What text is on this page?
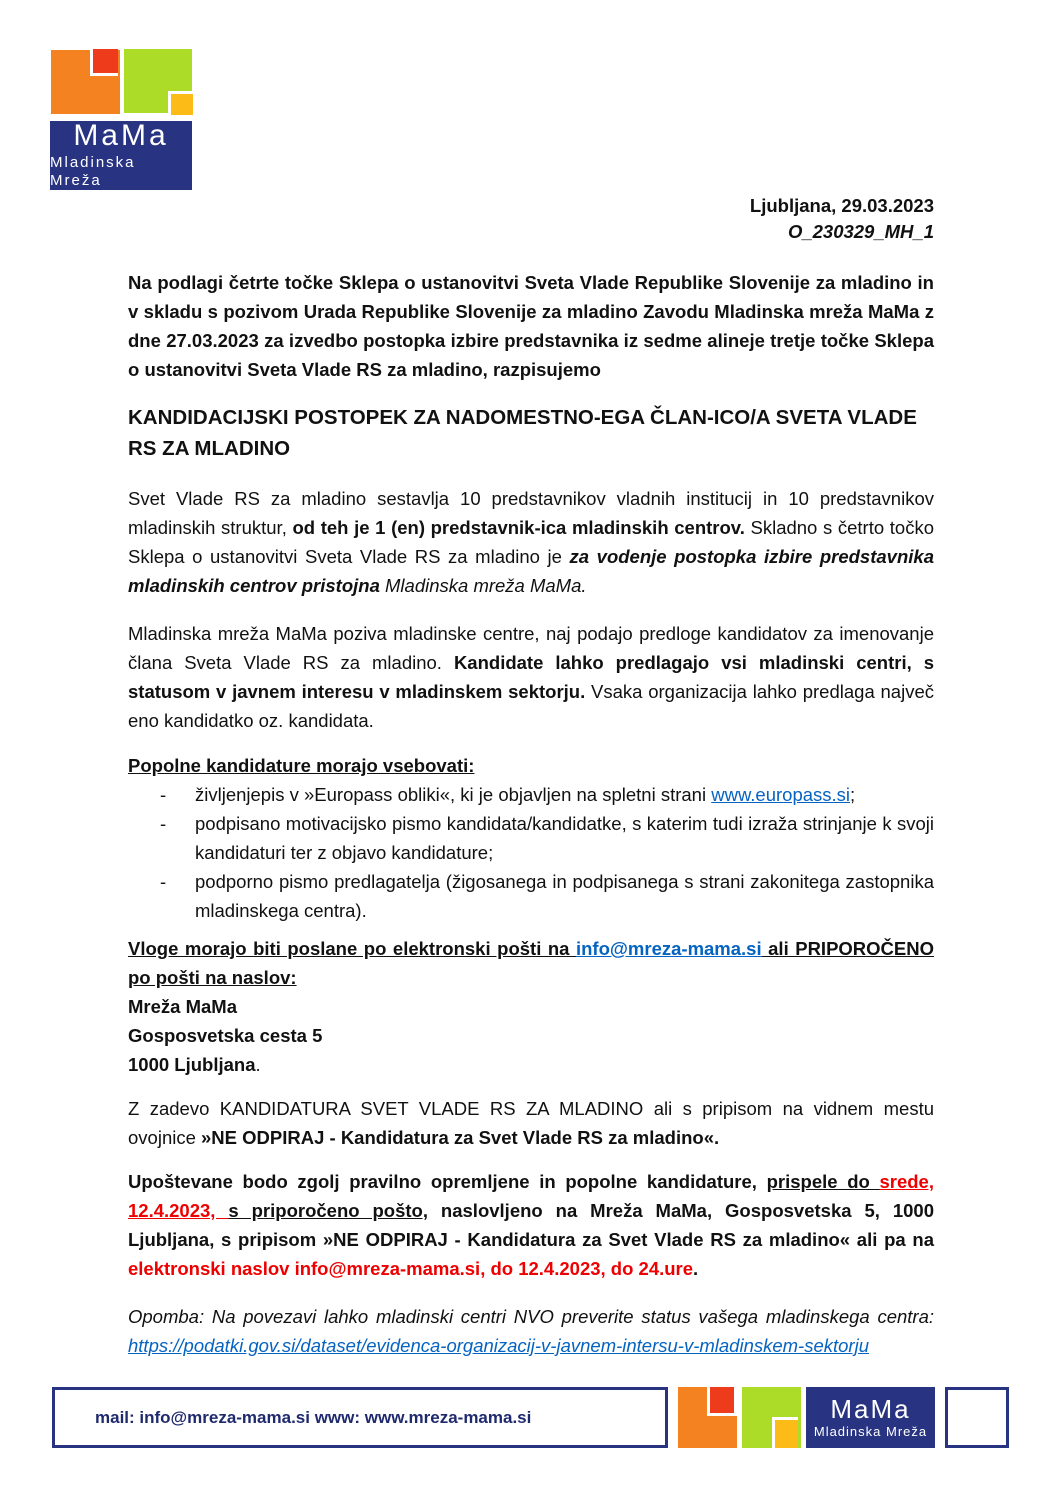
MaMa
Mladinska Mreža
Ljubljana, 29.03.2023
O_230329_MH_1

Na podlagi četrte točke Sklepa o ustanovitvi Sveta Vlade Republike Slovenije za mladino in v skladu s pozivom Urada Republike Slovenije za mladino Zavodu Mladinska mreža MaMa z dne 27.03.2023 za izvedbo postopka izbire predstavnika iz sedme alineje tretje točke Sklepa o ustanovitvi Sveta Vlade RS za mladino, razpisujemo

KANDIDACIJSKI POSTOPEK ZA NADOMESTNO-EGA ČLAN-ICO/A SVETA VLADE RS ZA MLADINO

Svet Vlade RS za mladino sestavlja 10 predstavnikov vladnih institucij in 10 predstavnikov mladinskih struktur, od teh je 1 (en) predstavnik-ica mladinskih centrov. Skladno s četrto točko Sklepa o ustanovitvi Sveta Vlade RS za mladino je za vodenje postopka izbire predstavnika mladinskih centrov pristojna Mladinska mreža MaMa.

Mladinska mreža MaMa poziva mladinske centre, naj podajo predloge kandidatov za imenovanje člana Sveta Vlade RS za mladino. Kandidate lahko predlagajo vsi mladinski centri, s statusom v javnem interesu v mladinskem sektorju. Vsaka organizacija lahko predlaga največ eno kandidatko oz. kandidata.

Popolne kandidature morajo vsebovati:

-	življenjepis v »Europass obliki«, ki je objavljen na spletni strani www.europass.si;
-	podpisano motivacijsko pismo kandidata/kandidatke, s katerim tudi izraža strinjanje k svoji kandidaturi ter z objavo kandidature;
-	podporno pismo predlagatelja (žigosanega in podpisanega s strani zakonitega zastopnika mladinskega centra).

Vloge morajo biti poslane po elektronski pošti na info@mreza-mama.si ali PRIPOROČENO po pošti na naslov:
Mreža MaMa
Gosposvetska cesta 5
1000 Ljubljana.

Z zadevo KANDIDATURA SVET VLADE RS ZA MLADINO ali s pripisom na vidnem mestu ovojnice »NE ODPIRAJ - Kandidatura za Svet Vlade RS za mladino«.

Upoštevane bodo zgolj pravilno opremljene in popolne kandidature, prispele do srede, 12.4.2023, s priporočeno pošto, naslovljeno na Mreža MaMa, Gosposvetska 5, 1000 Ljubljana, s pripisom »NE ODPIRAJ - Kandidatura za Svet Vlade RS za mladino« ali pa na elektronski naslov info@mreza-mama.si, do 12.4.2023, do 24.ure.

Opomba: Na povezavi lahko mladinski centri NVO preverite status vašega mladinskega centra: https://podatki.gov.si/dataset/evidenca-organizacij-v-javnem-intersu-v-mladinskem-sektorju

mail: info@mreza-mama.si www: www.mreza-mama.si	MaMa
Mladinska Mreža
